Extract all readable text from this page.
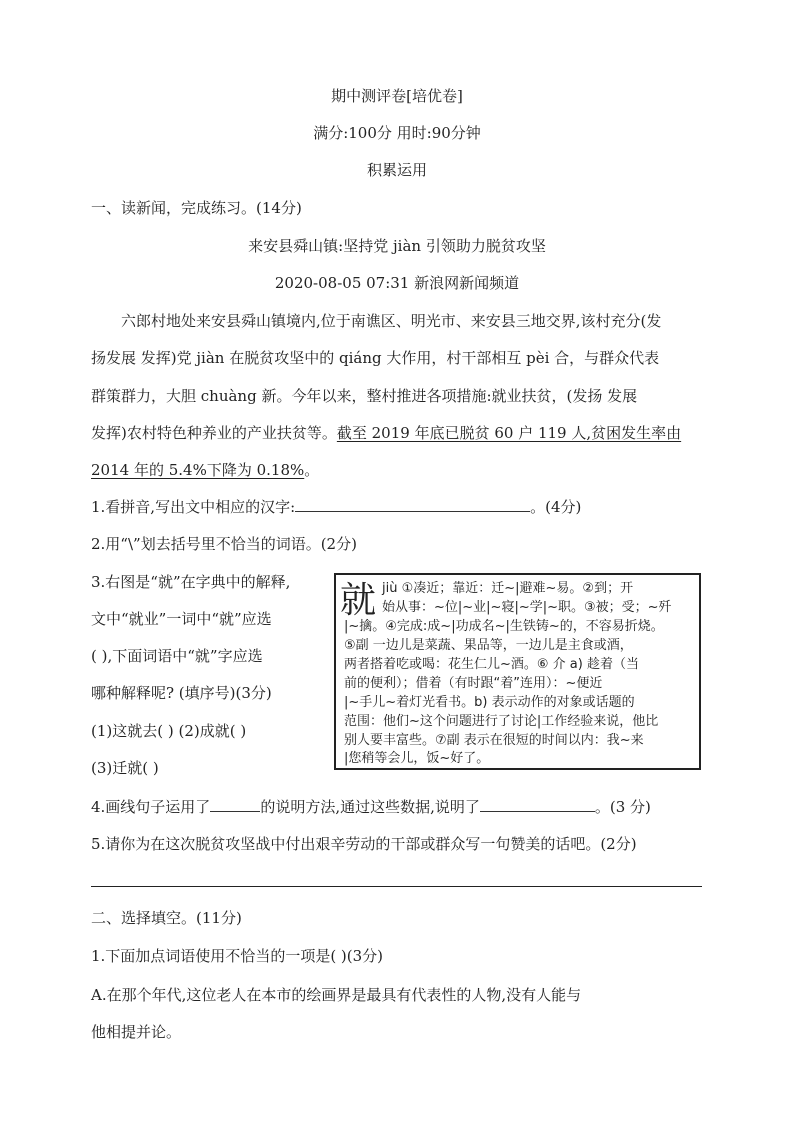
期中测评卷[培优卷]
满分:100分 用时:90分钟
积累运用
一、读新闻，完成练习。(14分)
来安县舜山镇:坚持党 jiàn 引领助力脱贫攻坚
2020-08-05 07:31 新浪网新闻频道
六郎村地处来安县舜山镇境内,位于南谯区、明光市、来安县三地交界,该村充分(发
扬发展 发挥)党 jiàn 在脱贫攻坚中的 qiáng 大作用，村干部相互 pèi 合，与群众代表
群策群力，大胆 chuàng 新。今年以来，整村推进各项措施:就业扶贫，(发扬 发展
发挥)农村特色种养业的产业扶贫等。截至 2019 年底已脱贫 60 户 119 人,贫困发生率由
2014 年的 5.4%下降为 0.18%。
1.看拼音,写出文中相应的汉字:	。(4分)
2.用“\”划去括号里不恰当的词语。(2分)
3.右图是“就”在字典中的解释,
文中“就业”一词中“就”应选
( ),下面词语中“就”字应选
哪种解释呢? (填序号)(3分)
(1)这就去( ) (2)成就( )
(3)迁就( )
就 jiù ①凑近；靠近：迁~|避难~易。②到；开
始从事：~位|~业|~寝|~学|~职。③被；受；~歼
|~擒。④完成:成~|功成名~|生铁铸~的，不容易折烧。
⑤副 一边儿是菜蔬、果品等，一边儿是主食或酒，
两者搭着吃或喝：花生仁儿~酒。⑥ 介 a) 趁着（当
前的便利）；借着（有时跟“着”连用）：~便近
|~手儿~着灯光看书。b) 表示动作的对象或话题的
范围：他们~这个问题进行了讨论|工作经验来说，他比
别人要丰富些。⑦副 表示在很短的时间以内：我~来
|您稍等会儿，饭~好了。
4.画线句子运用了	的说明方法,通过这些数据,说明了	。(3 分)
5.请你为在这次脱贫攻坚战中付出艰辛劳动的干部或群众写一句赞美的话吧。(2分)
二、选择填空。(11分)
1.下面加点词语使用不恰当的一项是( )(3分)
A.在那个年代,这位老人在本市的绘画界是最具有代表性的人物,没有人能与
他相提并论。
